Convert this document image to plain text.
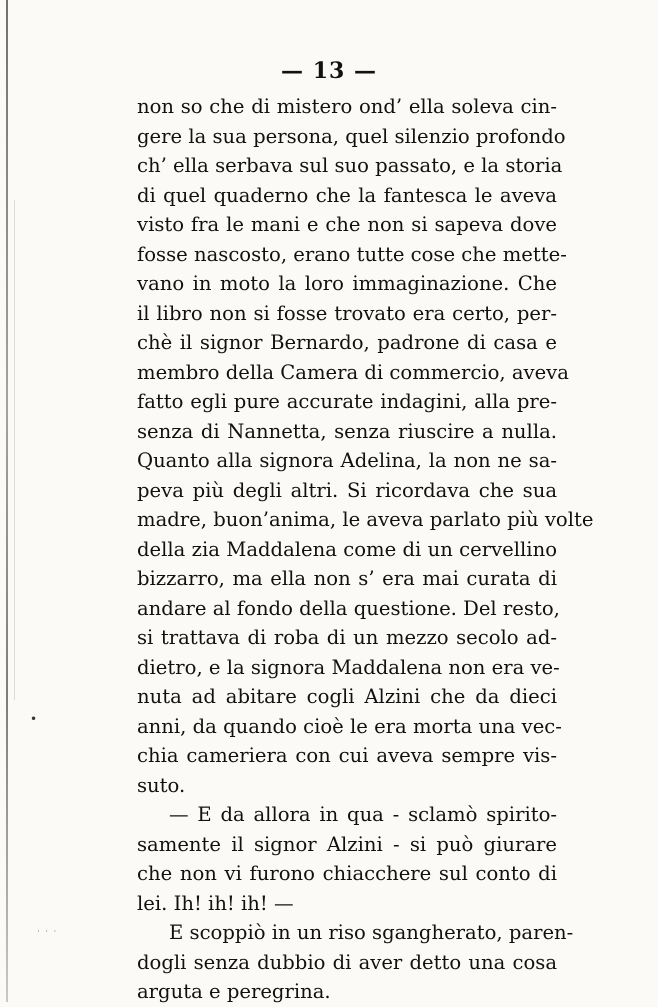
— 13 —
non so che di mistero ond’ ella soleva cin-
gere la sua persona, quel silenzio profondo
ch’ ella serbava sul suo passato, e la storia
di quel quaderno che la fantesca le aveva
visto fra le mani e che non si sapeva dove
fosse nascosto, erano tutte cose che mette-
vano in moto la loro immaginazione. Che
il libro non si fosse trovato era certo, per-
chè il signor Bernardo, padrone di casa e
membro della Camera di commercio, aveva
fatto egli pure accurate indagini, alla pre-
senza di Nannetta, senza riuscire a nulla.
Quanto alla signora Adelina, la non ne sa-
peva più degli altri. Si ricordava che sua
madre, buon’anima, le aveva parlato più volte
della zia Maddalena come di un cervellino
bizzarro, ma ella non s’ era mai curata di
andare al fondo della questione. Del resto,
si trattava di roba di un mezzo secolo ad-
dietro, e la signora Maddalena non era ve-
nuta ad abitare cogli Alzini che da dieci
anni, da quando cioè le era morta una vec-
chia cameriera con cui aveva sempre vis-
suto.
— E da allora in qua - sclamò spirito-
samente il signor Alzini - si può giurare
che non vi furono chiacchere sul conto di
lei. Ih! ih! ih! —
E scoppiò in un riso sgangherato, paren-
dogli senza dubbio di aver detto una cosa
arguta e peregrina.
•
˙ ˙ ˙
